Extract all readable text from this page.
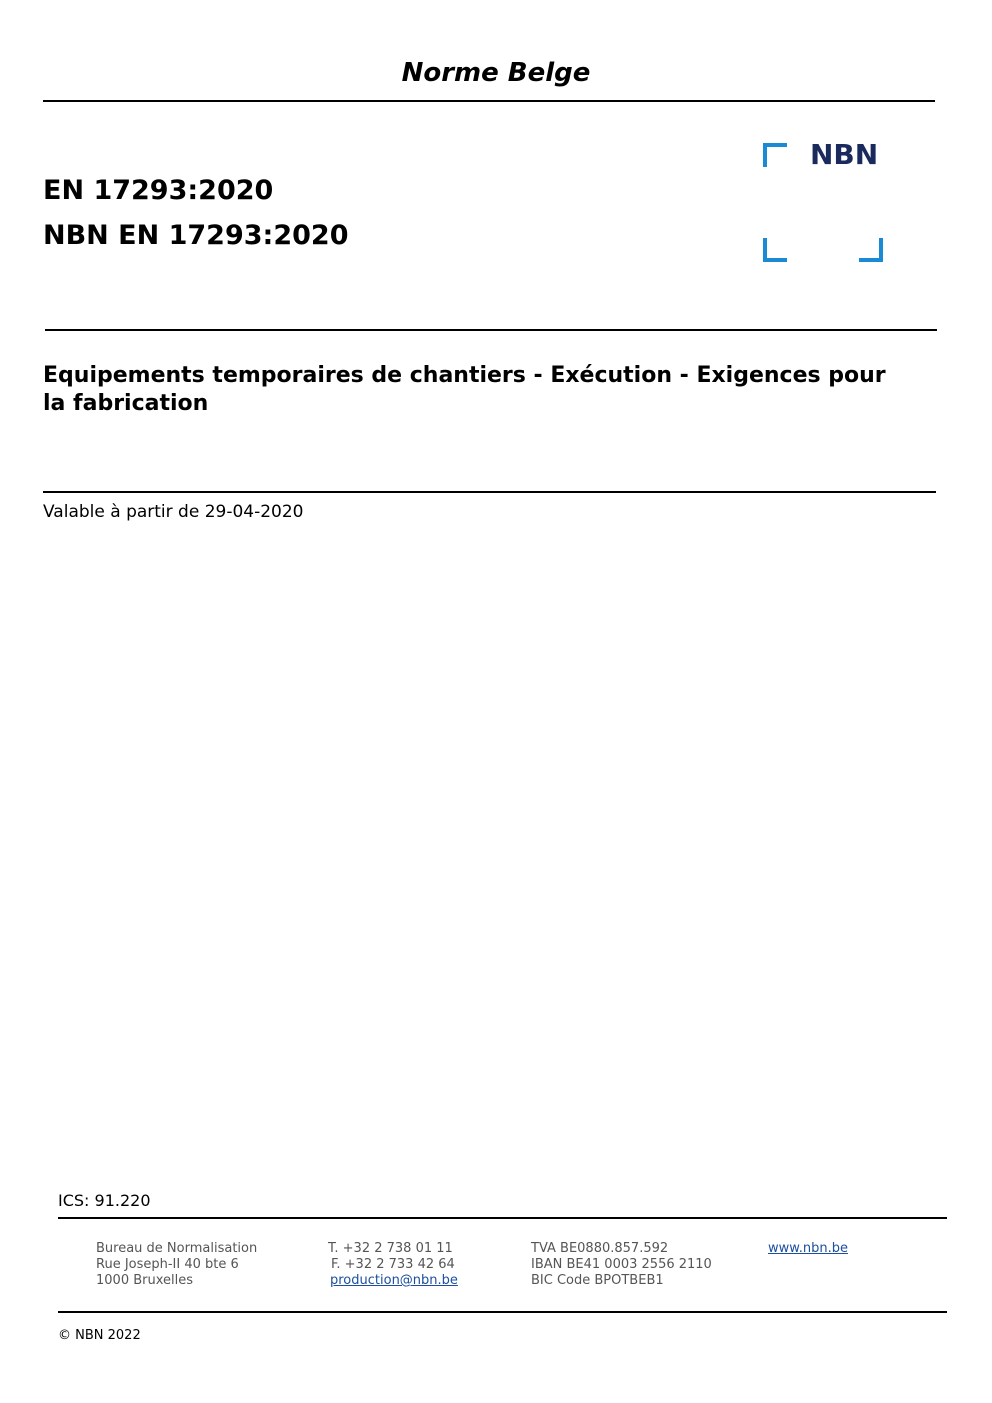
Norme Belge
EN 17293:2020
NBN EN 17293:2020
NBN
Equipements temporaires de chantiers - Exécution - Exigences pour la fabrication
Valable à partir de 29-04-2020
ICS: 91.220
Bureau de Normalisation
Rue Joseph-II 40 bte 6
1000 Bruxelles
T. +32 2 738 01 11
F. +32 2 733 42 64
production@nbn.be
TVA BE0880.857.592
IBAN BE41 0003 2556 2110
BIC Code BPOTBEB1
www.nbn.be
© NBN 2022
